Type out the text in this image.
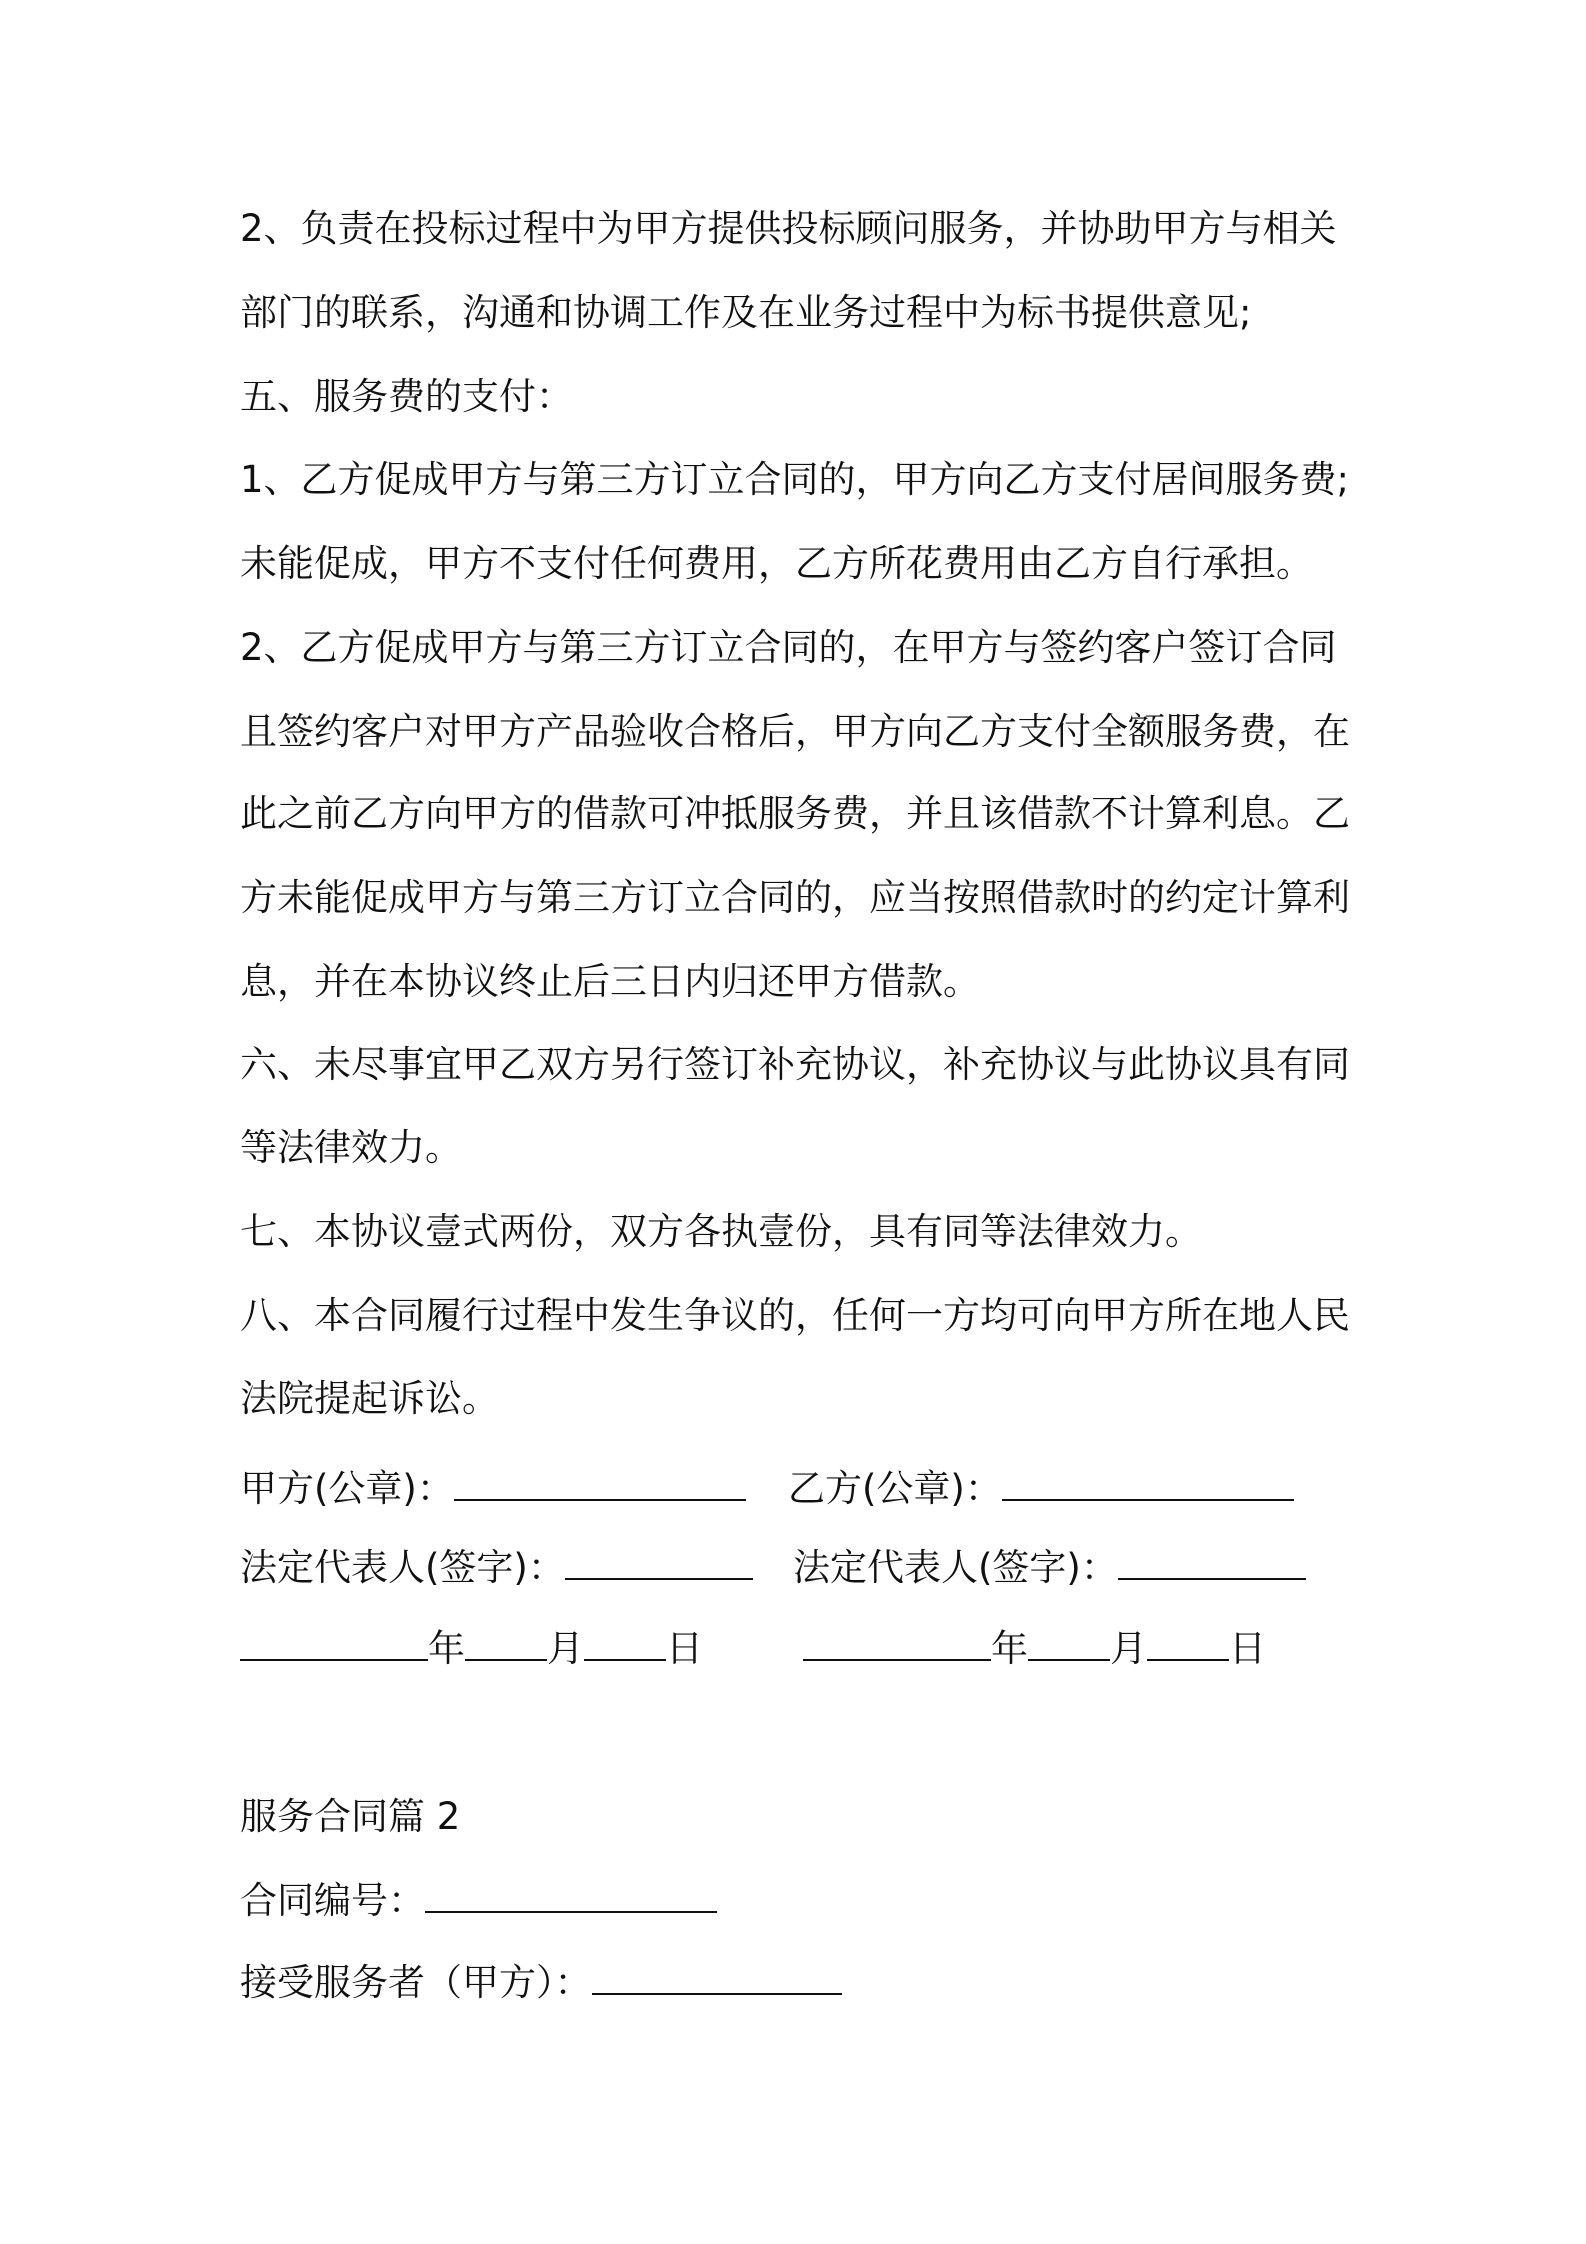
2、负责在投标过程中为甲方提供投标顾问服务，并协助甲方与相关
部门的联系，沟通和协调工作及在业务过程中为标书提供意见;
五、服务费的支付：
1、乙方促成甲方与第三方订立合同的，甲方向乙方支付居间服务费;
未能促成，甲方不支付任何费用，乙方所花费用由乙方自行承担。
2、乙方促成甲方与第三方订立合同的，在甲方与签约客户签订合同
且签约客户对甲方产品验收合格后，甲方向乙方支付全额服务费，在
此之前乙方向甲方的借款可冲抵服务费，并且该借款不计算利息。乙
方未能促成甲方与第三方订立合同的，应当按照借款时的约定计算利
息，并在本协议终止后三日内归还甲方借款。
六、未尽事宜甲乙双方另行签订补充协议，补充协议与此协议具有同
等法律效力。
七、本协议壹式两份，双方各执壹份，具有同等法律效力。
八、本合同履行过程中发生争议的，任何一方均可向甲方所在地人民
法院提起诉讼。
甲方(公章)：	乙方(公章)：
法定代表人(签字)：	法定代表人(签字)：
年 月 日	年 月 日
服务合同篇 2
合同编号：
接受服务者（甲方）：
